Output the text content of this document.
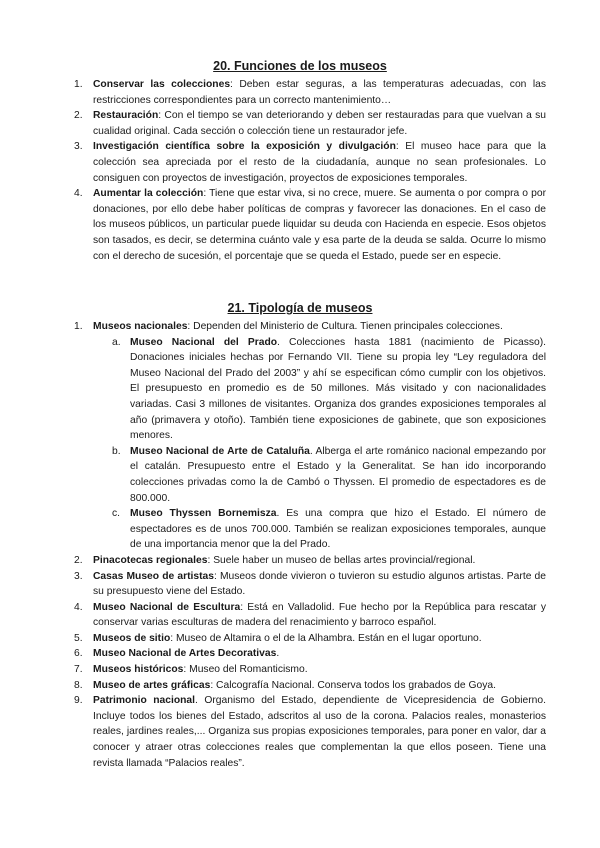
20. Funciones de los museos
1. Conservar las colecciones: Deben estar seguras, a las temperaturas adecuadas, con las restricciones correspondientes para un correcto mantenimiento…
2. Restauración: Con el tiempo se van deteriorando y deben ser restauradas para que vuelvan a su cualidad original. Cada sección o colección tiene un restaurador jefe.
3. Investigación científica sobre la exposición y divulgación: El museo hace para que la colección sea apreciada por el resto de la ciudadanía, aunque no sean profesionales. Lo consiguen con proyectos de investigación, proyectos de exposiciones temporales.
4. Aumentar la colección: Tiene que estar viva, si no crece, muere. Se aumenta o por compra o por donaciones, por ello debe haber políticas de compras y favorecer las donaciones. En el caso de los museos públicos, un particular puede liquidar su deuda con Hacienda en especie. Esos objetos son tasados, es decir, se determina cuánto vale y esa parte de la deuda se salda. Ocurre lo mismo con el derecho de sucesión, el porcentaje que se queda el Estado, puede ser en especie.
21. Tipología de museos
1. Museos nacionales: Dependen del Ministerio de Cultura. Tienen principales colecciones.
a. Museo Nacional del Prado. Colecciones hasta 1881 (nacimiento de Picasso). Donaciones iniciales hechas por Fernando VII. Tiene su propia ley “Ley reguladora del Museo Nacional del Prado del 2003” y ahí se especifican cómo cumplir con los objetivos. El presupuesto en promedio es de 50 millones. Más visitado y con nacionalidades variadas. Casi 3 millones de visitantes. Organiza dos grandes exposiciones temporales al año (primavera y otoño). También tiene exposiciones de gabinete, que son exposiciones menores.
b. Museo Nacional de Arte de Cataluña. Alberga el arte románico nacional empezando por el catalán. Presupuesto entre el Estado y la Generalitat. Se han ido incorporando colecciones privadas como la de Cambó o Thyssen. El promedio de espectadores es de 800.000.
c. Museo Thyssen Bornemisza. Es una compra que hizo el Estado. El número de espectadores es de unos 700.000. También se realizan exposiciones temporales, aunque de una importancia menor que la del Prado.
2. Pinacotecas regionales: Suele haber un museo de bellas artes provincial/regional.
3. Casas Museo de artistas: Museos donde vivieron o tuvieron su estudio algunos artistas. Parte de su presupuesto viene del Estado.
4. Museo Nacional de Escultura: Está en Valladolid. Fue hecho por la República para rescatar y conservar varias esculturas de madera del renacimiento y barroco español.
5. Museos de sitio: Museo de Altamira o el de la Alhambra. Están en el lugar oportuno.
6. Museo Nacional de Artes Decorativas.
7. Museos históricos: Museo del Romanticismo.
8. Museo de artes gráficas: Calcografía Nacional. Conserva todos los grabados de Goya.
9. Patrimonio nacional. Organismo del Estado, dependiente de Vicepresidencia de Gobierno. Incluye todos los bienes del Estado, adscritos al uso de la corona. Palacios reales, monasterios reales, jardines reales,... Organiza sus propias exposiciones temporales, para poner en valor, dar a conocer y atraer otras colecciones reales que complementan la que ellos poseen. Tiene una revista llamada “Palacios reales”.
